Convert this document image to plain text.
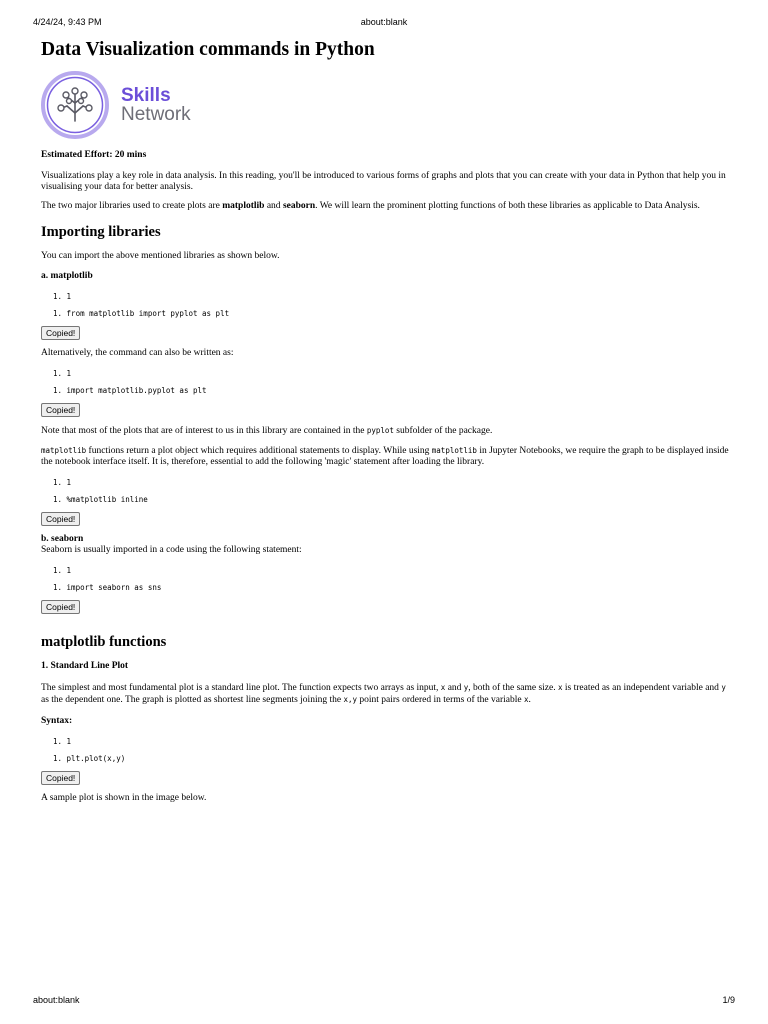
4/24/24, 9:43 PM	about:blank
Data Visualization commands in Python
Skills
Network

Estimated Effort: 20 mins

Visualizations play a key role in data analysis. In this reading, you'll be introduced to various forms of graphs and plots that you can create with your data in Python that help you in visualising your data for better analysis.

The two major libraries used to create plots are matplotlib and seaborn. We will learn the prominent plotting functions of both these libraries as applicable to Data Analysis.

Importing libraries

You can import the above mentioned libraries as shown below.

a. matplotlib

1. 1
1. from matplotlib import pyplot as plt
Copied!

Alternatively, the command can also be written as:

1. 1
1. import matplotlib.pyplot as plt
Copied!

Note that most of the plots that are of interest to us in this library are contained in the pyplot subfolder of the package.

matplotlib functions return a plot object which requires additional statements to display. While using matplotlib in Jupyter Notebooks, we require the graph to be displayed inside the notebook interface itself. It is, therefore, essential to add the following 'magic' statement after loading the library.

1. 1
1. %matplotlib inline
Copied!
b. seaborn

Seaborn is usually imported in a code using the following statement:

1. 1
1. import seaborn as sns
Copied!
matplotlib functions

1. Standard Line Plot

The simplest and most fundamental plot is a standard line plot. The function expects two arrays as input, x and y, both of the same size. x is treated as an independent variable and y as the dependent one. The graph is plotted as shortest line segments joining the x,y point pairs ordered in terms of the variable x.

Syntax:

1. 1
1. plt.plot(x,y)
Copied!

A sample plot is shown in the image below.

about:blank	1/9
